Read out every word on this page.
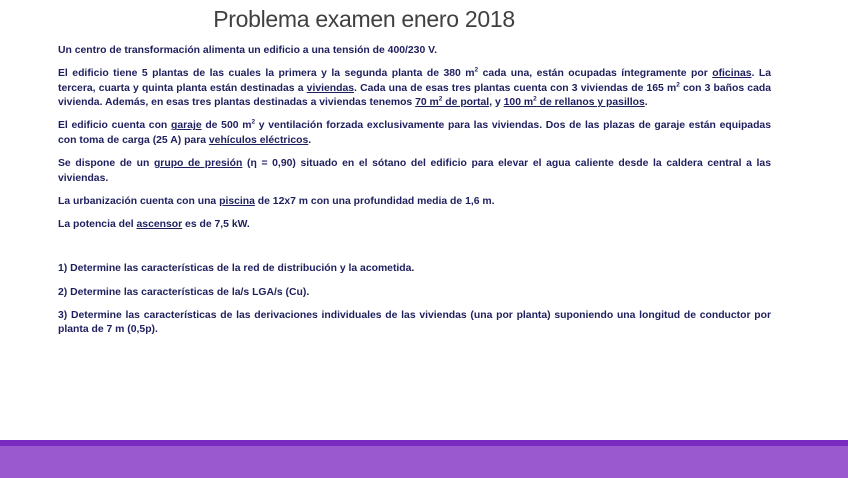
Problema examen enero 2018

Un centro de transformación alimenta un edificio a una tensión de 400/230 V.

El edificio tiene 5 plantas de las cuales la primera y la segunda planta de 380 $m^2$ cada una, están ocupadas íntegramente por oficinas. La tercera, cuarta y quinta planta están destinadas a viviendas. Cada una de esas tres plantas cuenta con 3 viviendas de 165 $m^2$ con 3 baños cada vivienda. Además, en esas tres plantas destinadas a viviendas tenemos 70 $m^2$ de portal, y 100 $m^2$ de rellanos y pasillos.

El edificio cuenta con garaje de 500 $m^2$ y ventilación forzada exclusivamente para las viviendas. Dos de las plazas de garaje están equipadas con toma de carga (25 A) para vehículos eléctricos.

Se dispone de un grupo de presión (η = 0,90) situado en el sótano del edificio para elevar el agua caliente desde la caldera central a las viviendas.

La urbanización cuenta con una piscina de 12x7 m con una profundidad media de 1,6 m.

La potencia del ascensor es de 7,5 kW.

1) Determine las características de la red de distribución y la acometida.

2) Determine las características de la/s LGA/s (Cu).

3) Determine las características de las derivaciones individuales de las viviendas (una por planta) suponiendo una longitud de conductor por planta de 7 m (0,5p).
